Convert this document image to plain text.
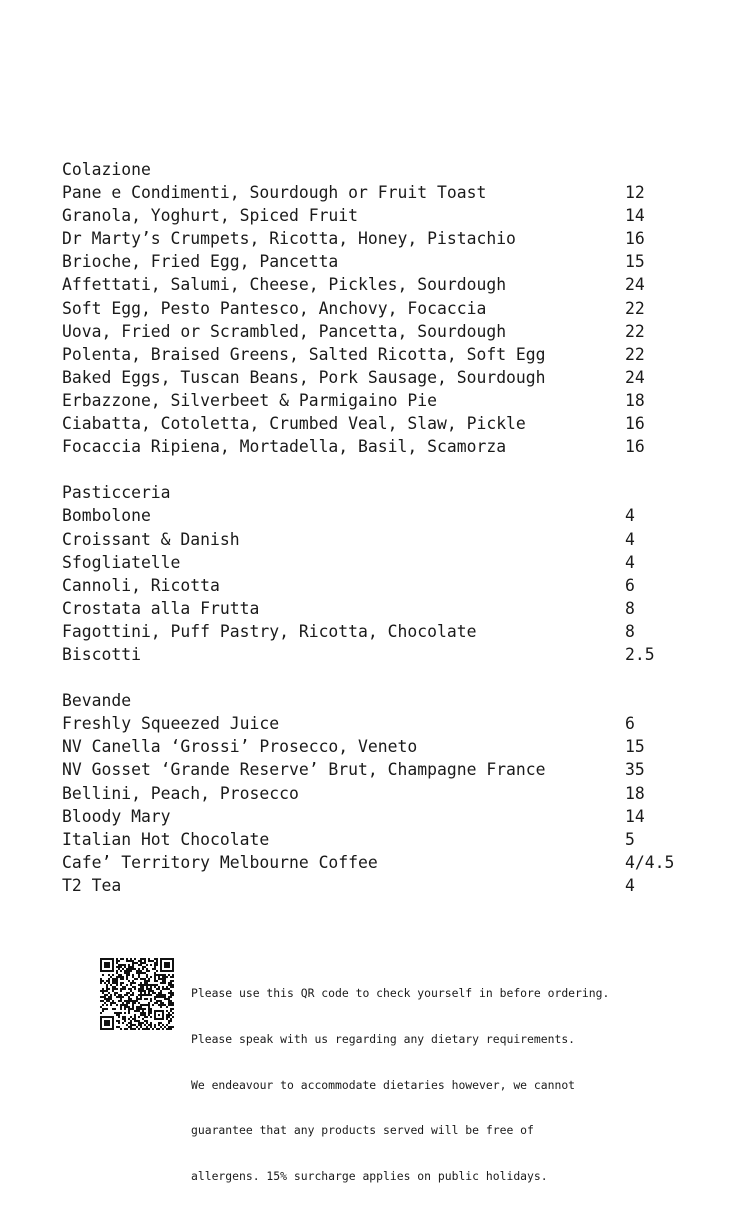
Colazione
Pane e Condimenti, Sourdough or Fruit Toast	12
Granola, Yoghurt, Spiced Fruit	14
Dr Marty’s Crumpets, Ricotta, Honey, Pistachio	16
Brioche, Fried Egg, Pancetta	15
Affettati, Salumi, Cheese, Pickles, Sourdough	24
Soft Egg, Pesto Pantesco, Anchovy, Focaccia	22
Uova, Fried or Scrambled, Pancetta, Sourdough	22
Polenta, Braised Greens, Salted Ricotta, Soft Egg	22
Baked Eggs, Tuscan Beans, Pork Sausage, Sourdough	24
Erbazzone, Silverbeet & Parmigaino Pie	18
Ciabatta, Cotoletta, Crumbed Veal, Slaw, Pickle	16
Focaccia Ripiena, Mortadella, Basil, Scamorza	16
Pasticceria
Bombolone	4
Croissant & Danish	4
Sfogliatelle	4
Cannoli, Ricotta	6
Crostata alla Frutta	8
Fagottini, Puff Pastry, Ricotta, Chocolate	8
Biscotti	2.5
Bevande
Freshly Squeezed Juice	6
NV Canella ‘Grossi’ Prosecco, Veneto	15
NV Gosset ‘Grande Reserve’ Brut, Champagne France	35
Bellini, Peach, Prosecco	18
Bloody Mary	14
Italian Hot Chocolate	5
Cafe’ Territory Melbourne Coffee	4/4.5
T2 Tea	4

Please use this QR code to check yourself in before ordering.

Please speak with us regarding any dietary requirements.

We endeavour to accommodate dietaries however, we cannot

guarantee that any products served will be free of

allergens. 15% surcharge applies on public holidays.
